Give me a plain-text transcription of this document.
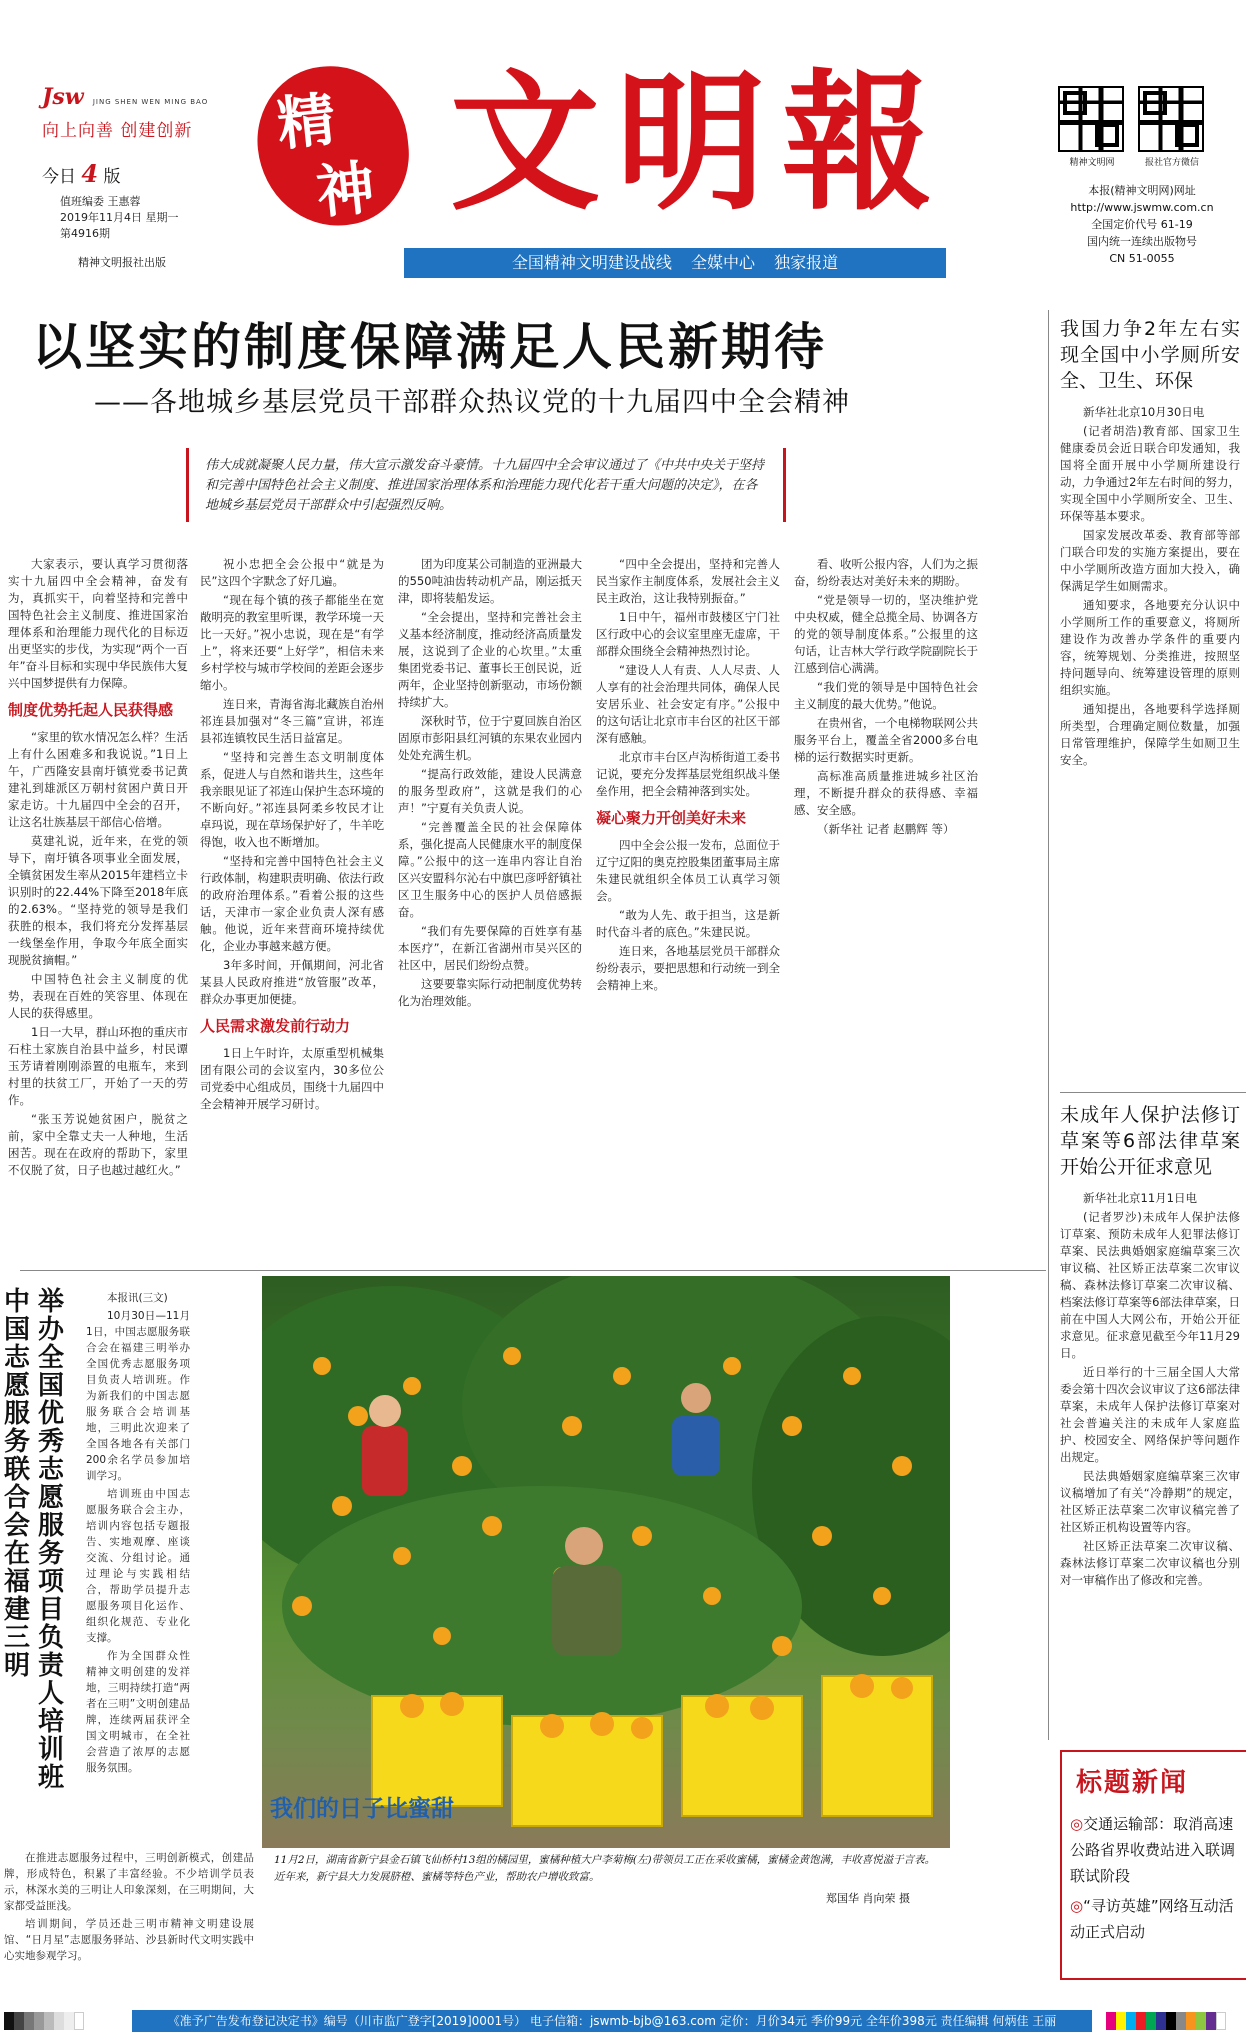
Jsw JING SHEN WEN MING BAO
向上向善 创建创新
今日 4 版
值班编委 王惠蓉
2019年11月4日 星期一
第4916期
精神文明报社出版
精
神 文明報
全国精神文明建设战线 全媒中心 独家报道
精神文明网	报社官方微信
本报(精神文明网)网址
http://www.jswmw.com.cn
全国定价代号 61-19
国内统一连续出版物号
CN 51-0055
以坚实的制度保障满足人民新期待
——各地城乡基层党员干部群众热议党的十九届四中全会精神
伟大成就凝聚人民力量，伟大宣示激发奋斗豪情。十九届四中全会审议通过了《中共中央关于坚持和完善中国特色社会主义制度、推进国家治理体系和治理能力现代化若干重大问题的决定》，在各地城乡基层党员干部群众中引起强烈反响。

大家表示，要认真学习贯彻落实十九届四中全会精神，奋发有为，真抓实干，向着坚持和完善中国特色社会主义制度、推进国家治理体系和治理能力现代化的目标迈出更坚实的步伐，为实现“两个一百年”奋斗目标和实现中华民族伟大复兴中国梦提供有力保障。

制度优势托起人民获得感

“家里的钦水情况怎么样？生活上有什么困难多和我说说。”1日上午，广西隆安县南圩镇党委书记黄建礼到雄派区万朝村贫困户黄日开家走访。十九届四中全会的召开，让这名壮族基层干部信心倍增。

莫建礼说，近年来，在党的领导下，南圩镇各项事业全面发展，全镇贫困发生率从2015年建档立卡识别时的22.44%下降至2018年底的2.63%。“坚持党的领导是我们获胜的根本，我们将充分发挥基层一线堡垒作用，争取今年底全面实现脱贫摘帽。”

中国特色社会主义制度的优势，表现在百姓的笑容里、体现在人民的获得感里。

1日一大早，群山环抱的重庆市石柱土家族自治县中益乡，村民谭玉芳请着刚刚添置的电瓶车，来到村里的扶贫工厂，开始了一天的劳作。

“张玉芳说她贫困户，脱贫之前，家中全靠丈夫一人种地，生活困苦。现在在政府的帮助下，家里不仅脱了贫，日子也越过越红火。”

祝小忠把全会公报中“就是为民”这四个字默念了好几遍。

“现在每个镇的孩子都能坐在宽敞明亮的教室里听课，教学环境一天比一天好。”祝小忠说，现在是“有学上”，将来还要“上好学”，相信未来乡村学校与城市学校间的差距会逐步缩小。

连日来，青海省海北藏族自治州祁连县加强对“冬三篇”宣讲，祁连县祁连镇牧民生活日益富足。

“坚持和完善生态文明制度体系，促进人与自然和谐共生，这些年我亲眼见证了祁连山保护生态环境的不断向好。”祁连县阿柔乡牧民才让卓玛说，现在草场保护好了，牛羊吃得饱，收入也不断增加。

“坚持和完善中国特色社会主义行政体制，构建职责明确、依法行政的政府治理体系。”看着公报的这些话，天津市一家企业负责人深有感触。他说，近年来营商环境持续优化，企业办事越来越方便。

3年多时间，开佩期间，河北省某县人民政府推进“放管服”改革，群众办事更加便捷。

人民需求激发前行动力

1日上午时许，太原重型机械集团有限公司的会议室内，30多位公司党委中心组成员，围绕十九届四中全会精神开展学习研讨。

团为印度某公司制造的亚洲最大的550吨油齿转动机产品，刚运抵天津，即将装船发运。

“全会提出，坚持和完善社会主义基本经济制度，推动经济高质量发展，这说到了企业的心坎里。”太重集团党委书记、董事长王创民说，近两年，企业坚持创新驱动，市场份额持续扩大。

深秋时节，位于宁夏回族自治区固原市彭阳县红河镇的东果农业园内处处充满生机。

“提高行政效能，建设人民满意的服务型政府”，这就是我们的心声！”宁夏有关负责人说。

“完善覆盖全民的社会保障体系，强化提高人民健康水平的制度保障。”公报中的这一连串内容让自治区兴安盟科尔沁右中旗巴彦呼舒镇社区卫生服务中心的医护人员倍感振奋。

“我们有先要保障的百姓享有基本医疗”，在新江省湖州市吴兴区的社区中，居民们纷纷点赞。

这要要靠实际行动把制度优势转化为治理效能。

“四中全会提出，坚持和完善人民当家作主制度体系，发展社会主义民主政治，这让我特别振奋。”

1日中午，福州市鼓楼区宁门社区行政中心的会议室里座无虚席，干部群众围绕全会精神热烈讨论。

“建设人人有责、人人尽责、人人享有的社会治理共同体，确保人民安居乐业、社会安定有序。”公报中的这句话让北京市丰台区的社区干部深有感触。

北京市丰台区卢沟桥街道工委书记说，要充分发挥基层党组织战斗堡垒作用，把全会精神落到实处。

凝心聚力开创美好未来

四中全会公报一发布，总面位于辽宁辽阳的奥克控股集团董事局主席朱建民就组织全体员工认真学习领会。

“敢为人先、敢于担当，这是新时代奋斗者的底色。”朱建民说。

连日来，各地基层党员干部群众纷纷表示，要把思想和行动统一到全会精神上来。

看、收听公报内容，人们为之振奋，纷纷表达对美好未来的期盼。

“党是领导一切的，坚决维护党中央权威，健全总揽全局、协调各方的党的领导制度体系。”公报里的这句话，让吉林大学行政学院副院长于江感到信心满满。

“我们党的领导是中国特色社会主义制度的最大优势。”他说。

在贵州省，一个电梯物联网公共服务平台上，覆盖全省2000多台电梯的运行数据实时更新。

高标准高质量推进城乡社区治理，不断提升群众的获得感、幸福感、安全感。

（新华社 记者 赵鹏辉 等）

中国志愿服务联合会在福建三明
举办全国优秀志愿服务项目负责人培训班

本报讯(三文)

10月30日—11月1日，中国志愿服务联合会在福建三明举办全国优秀志愿服务项目负责人培训班。作为新我们的中国志愿服务联合会培训基地，三明此次迎来了全国各地各有关部门200余名学员参加培训学习。

培训班由中国志愿服务联合会主办，培训内容包括专题报告、实地观摩、座谈交流、分组讨论。通过理论与实践相结合，帮助学员提升志愿服务项目化运作、组织化规范、专业化支撑。

作为全国群众性精神文明创建的发祥地，三明持续打造“两者在三明”文明创建品牌，连续两届获评全国文明城市，在全社会营造了浓厚的志愿服务氛围。

在推进志愿服务过程中，三明创新模式，创建品牌，形成特色，积累了丰富经验。不少培训学员表示，林深水美的三明让人印象深刻，在三明期间，大家都受益匪浅。

培训期间，学员还赴三明市精神文明建设展馆、“日月星”志愿服务驿站、沙县新时代文明实践中心实地参观学习。

我们的日子比蜜甜
11月2日，湖南省新宁县金石镇飞仙桥村13组的橘园里，蜜橘种植大户李菊梅(左)带领员工正在采收蜜橘，蜜橘金黄饱满，丰收喜悦溢于言表。近年来，新宁县大力发展脐橙、蜜橘等特色产业，帮助农户增收致富。
郑国华 肖向荣 摄
我国力争2年左右实现全国中小学厕所安全、卫生、环保

新华社北京10月30日电

(记者胡浩)教育部、国家卫生健康委员会近日联合印发通知，我国将全面开展中小学厕所建设行动，力争通过2年左右时间的努力，实现全国中小学厕所安全、卫生、环保等基本要求。

国家发展改革委、教育部等部门联合印发的实施方案提出，要在中小学厕所改造方面加大投入，确保满足学生如厕需求。

通知要求，各地要充分认识中小学厕所工作的重要意义，将厕所建设作为改善办学条件的重要内容，统筹规划、分类推进，按照坚持问题导向、统筹建设管理的原则组织实施。

通知提出，各地要科学选择厕所类型，合理确定厕位数量，加强日常管理维护，保障学生如厕卫生安全。

未成年人保护法修订草案等6部法律草案开始公开征求意见

新华社北京11月1日电

(记者罗沙)未成年人保护法修订草案、预防未成年人犯罪法修订草案、民法典婚姻家庭编草案三次审议稿、社区矫正法草案二次审议稿、森林法修订草案二次审议稿、档案法修订草案等6部法律草案，日前在中国人大网公布，开始公开征求意见。征求意见截至今年11月29日。

近日举行的十三届全国人大常委会第十四次会议审议了这6部法律草案，未成年人保护法修订草案对社会普遍关注的未成年人家庭监护、校园安全、网络保护等问题作出规定。

民法典婚姻家庭编草案三次审议稿增加了有关“冷静期”的规定，社区矫正法草案二次审议稿完善了社区矫正机构设置等内容。

社区矫正法草案二次审议稿、森林法修订草案二次审议稿也分别对一审稿作出了修改和完善。

标题新闻
◎交通运输部：取消高速公路省界收费站进入联调联试阶段
◎“寻访英雄”网络互动活动正式启动
《准予广告发布登记决定书》编号（川市监广登字[2019]0001号） 电子信箱：jswmb-bjb@163.com 定价：月价34元 季价99元 全年价398元 责任编辑 何炳佳 王丽
